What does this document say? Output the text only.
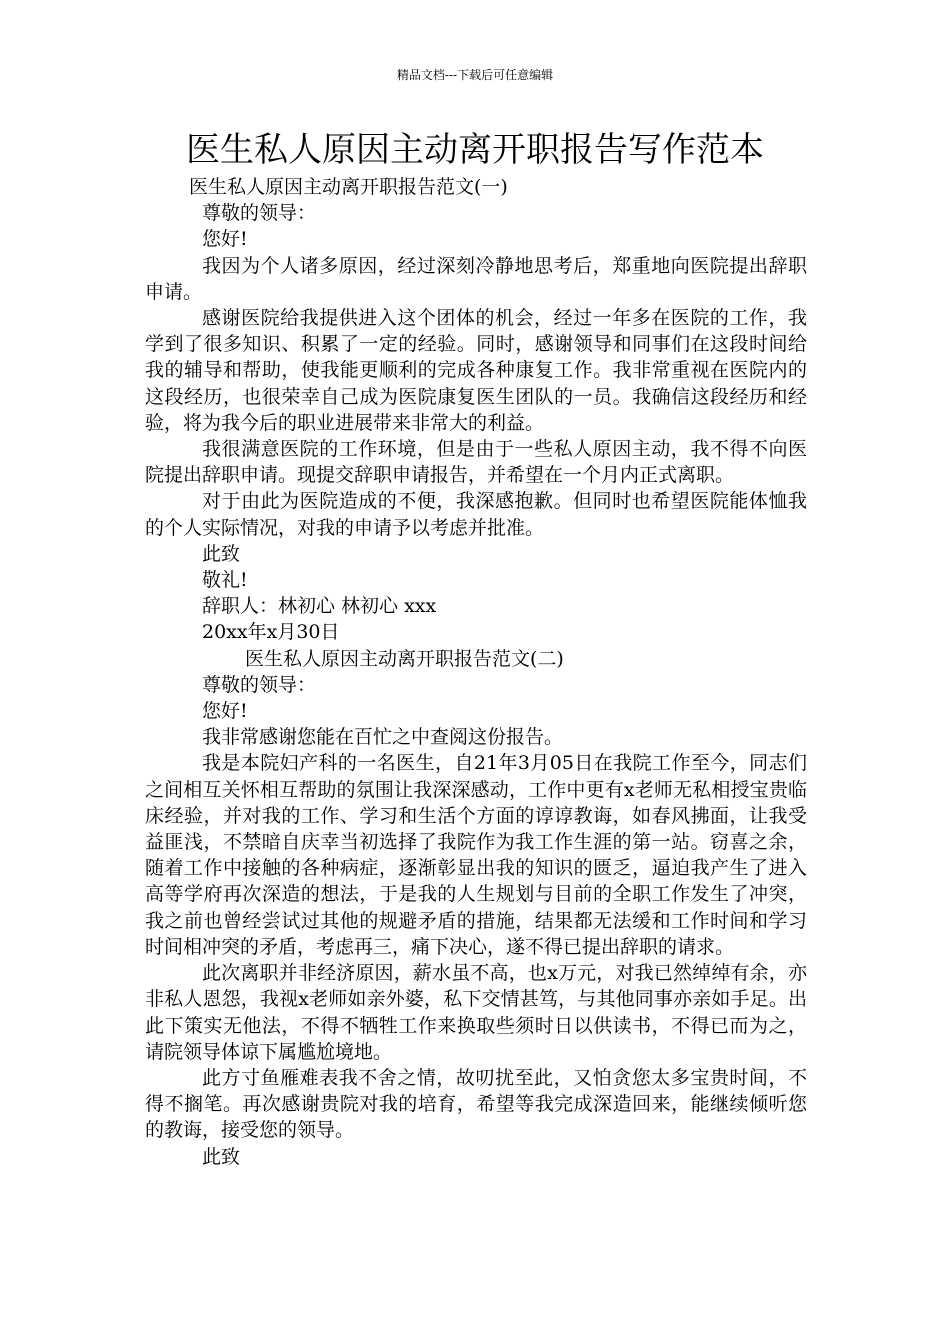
精品文档---下载后可任意编辑
医生私人原因主动离开职报告写作范本

医生私人原因主动离开职报告范文(一)

尊敬的领导：

您好!

我因为个人诸多原因，经过深刻冷静地思考后，郑重地向医院提出辞职申请。

感谢医院给我提供进入这个团体的机会，经过一年多在医院的工作，我学到了很多知识、积累了一定的经验。同时，感谢领导和同事们在这段时间给我的辅导和帮助，使我能更顺利的完成各种康复工作。我非常重视在医院内的这段经历，也很荣幸自己成为医院康复医生团队的一员。我确信这段经历和经验，将为我今后的职业进展带来非常大的利益。

我很满意医院的工作环境，但是由于一些私人原因主动，我不得不向医院提出辞职申请。现提交辞职申请报告，并希望在一个月内正式离职。

对于由此为医院造成的不便，我深感抱歉。但同时也希望医院能体恤我的个人实际情况，对我的申请予以考虑并批准。

此致

敬礼!

辞职人：林初心 林初心 xxx

20xx年x月30日

医生私人原因主动离开职报告范文(二)

尊敬的领导：

您好!

我非常感谢您能在百忙之中查阅这份报告。

我是本院妇产科的一名医生，自21年3月05日在我院工作至今，同志们之间相互关怀相互帮助的氛围让我深深感动，工作中更有x老师无私相授宝贵临床经验，并对我的工作、学习和生活个方面的谆谆教诲，如春风拂面，让我受益匪浅，不禁暗自庆幸当初选择了我院作为我工作生涯的第一站。窃喜之余，随着工作中接触的各种病症，逐渐彰显出我的知识的匮乏，逼迫我产生了进入高等学府再次深造的想法，于是我的人生规划与目前的全职工作发生了冲突，我之前也曾经尝试过其他的规避矛盾的措施，结果都无法缓和工作时间和学习时间相冲突的矛盾，考虑再三，痛下决心，遂不得已提出辞职的请求。

此次离职并非经济原因，薪水虽不高，也x万元，对我已然绰绰有余，亦非私人恩怨，我视x老师如亲外婆，私下交情甚笃，与其他同事亦亲如手足。出此下策实无他法，不得不牺牲工作来换取些须时日以供读书，不得已而为之，请院领导体谅下属尴尬境地。

此方寸鱼雁难表我不舍之情，故叨扰至此，又怕贪您太多宝贵时间，不得不搁笔。再次感谢贵院对我的培育，希望等我完成深造回来，能继续倾听您的教诲，接受您的领导。

此致
